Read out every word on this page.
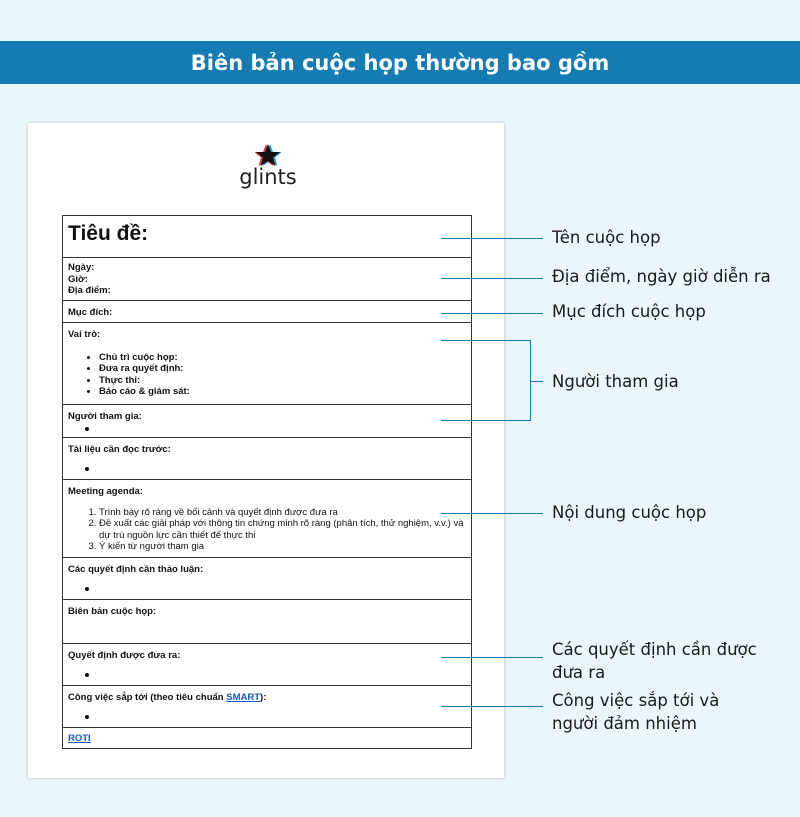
Biên bản cuộc họp thường bao gồm
glints
Tiêu đề:
Ngày:
Giờ:
Địa điểm:
Mục đích:
Vai trò:
• Chủ trì cuộc họp:
• Đưa ra quyết định:
• Thực thi:
• Báo cáo & giám sát:
Người tham gia:
Tài liệu cần đọc trước:
Meeting agenda:
1. Trình bày rõ ràng về bối cảnh và quyết định được đưa ra
2. Đề xuất các giải pháp với thông tin chứng minh rõ ràng (phân tích, thử nghiệm, v.v.) và dự trù nguồn lực cần thiết để thực thi
3. Ý kiến từ người tham gia
Các quyết định cần thảo luận:
Biên bản cuộc họp:
Quyết định được đưa ra:
Công việc sắp tới (theo tiêu chuẩn SMART):
ROTI
Tên cuộc họp
Địa điểm, ngày giờ diễn ra
Mục đích cuộc họp
Người tham gia
Nội dung cuộc họp
Các quyết định cần được
đưa ra
Công việc sắp tới và
người đảm nhiệm
